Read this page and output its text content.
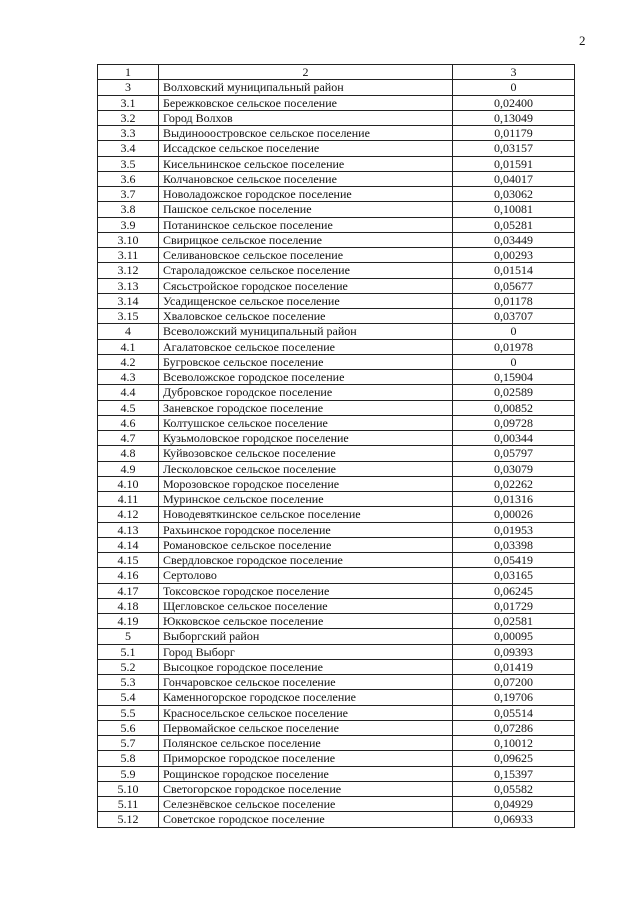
2
1	2	3
3	Волховский муниципальный район	0
3.1	Бережковское сельское поселение	0,02400
3.2	Город Волхов	0,13049
3.3	Выдинооостровское сельское поселение	0,01179
3.4	Иссадское сельское поселение	0,03157
3.5	Кисельнинское сельское поселение	0,01591
3.6	Колчановское сельское поселение	0,04017
3.7	Новоладожское городское поселение	0,03062
3.8	Пашское сельское поселение	0,10081
3.9	Потанинское сельское поселение	0,05281
3.10	Свирицкое сельское поселение	0,03449
3.11	Селивановское сельское поселение	0,00293
3.12	Староладожское сельское поселение	0,01514
3.13	Сясьстройское городское поселение	0,05677
3.14	Усадищенское сельское поселение	0,01178
3.15	Хваловское сельское поселение	0,03707
4	Всеволожский муниципальный район	0
4.1	Агалатовское сельское поселение	0,01978
4.2	Бугровское сельское поселение	0
4.3	Всеволожское городское поселение	0,15904
4.4	Дубровское городское поселение	0,02589
4.5	Заневское городское поселение	0,00852
4.6	Колтушское сельское поселение	0,09728
4.7	Кузьмоловское городское поселение	0,00344
4.8	Куйвозовское сельское поселение	0,05797
4.9	Лесколовское сельское поселение	0,03079
4.10	Морозовское городское поселение	0,02262
4.11	Муринское сельское поселение	0,01316
4.12	Новодевяткинское сельское поселение	0,00026
4.13	Рахьинское городское поселение	0,01953
4.14	Романовское сельское поселение	0,03398
4.15	Свердловское городское поселение	0,05419
4.16	Сертолово	0,03165
4.17	Токсовское городское поселение	0,06245
4.18	Щегловское сельское поселение	0,01729
4.19	Юкковское сельское поселение	0,02581
5	Выборгский район	0,00095
5.1	Город Выборг	0,09393
5.2	Высоцкое городское поселение	0,01419
5.3	Гончаровское сельское поселение	0,07200
5.4	Каменногорское городское поселение	0,19706
5.5	Красносельское сельское поселение	0,05514
5.6	Первомайское сельское поселение	0,07286
5.7	Полянское сельское поселение	0,10012
5.8	Приморское городское поселение	0,09625
5.9	Рощинское городское поселение	0,15397
5.10	Светогорское городское поселение	0,05582
5.11	Селезнёвское сельское поселение	0,04929
5.12	Советское городское поселение	0,06933
